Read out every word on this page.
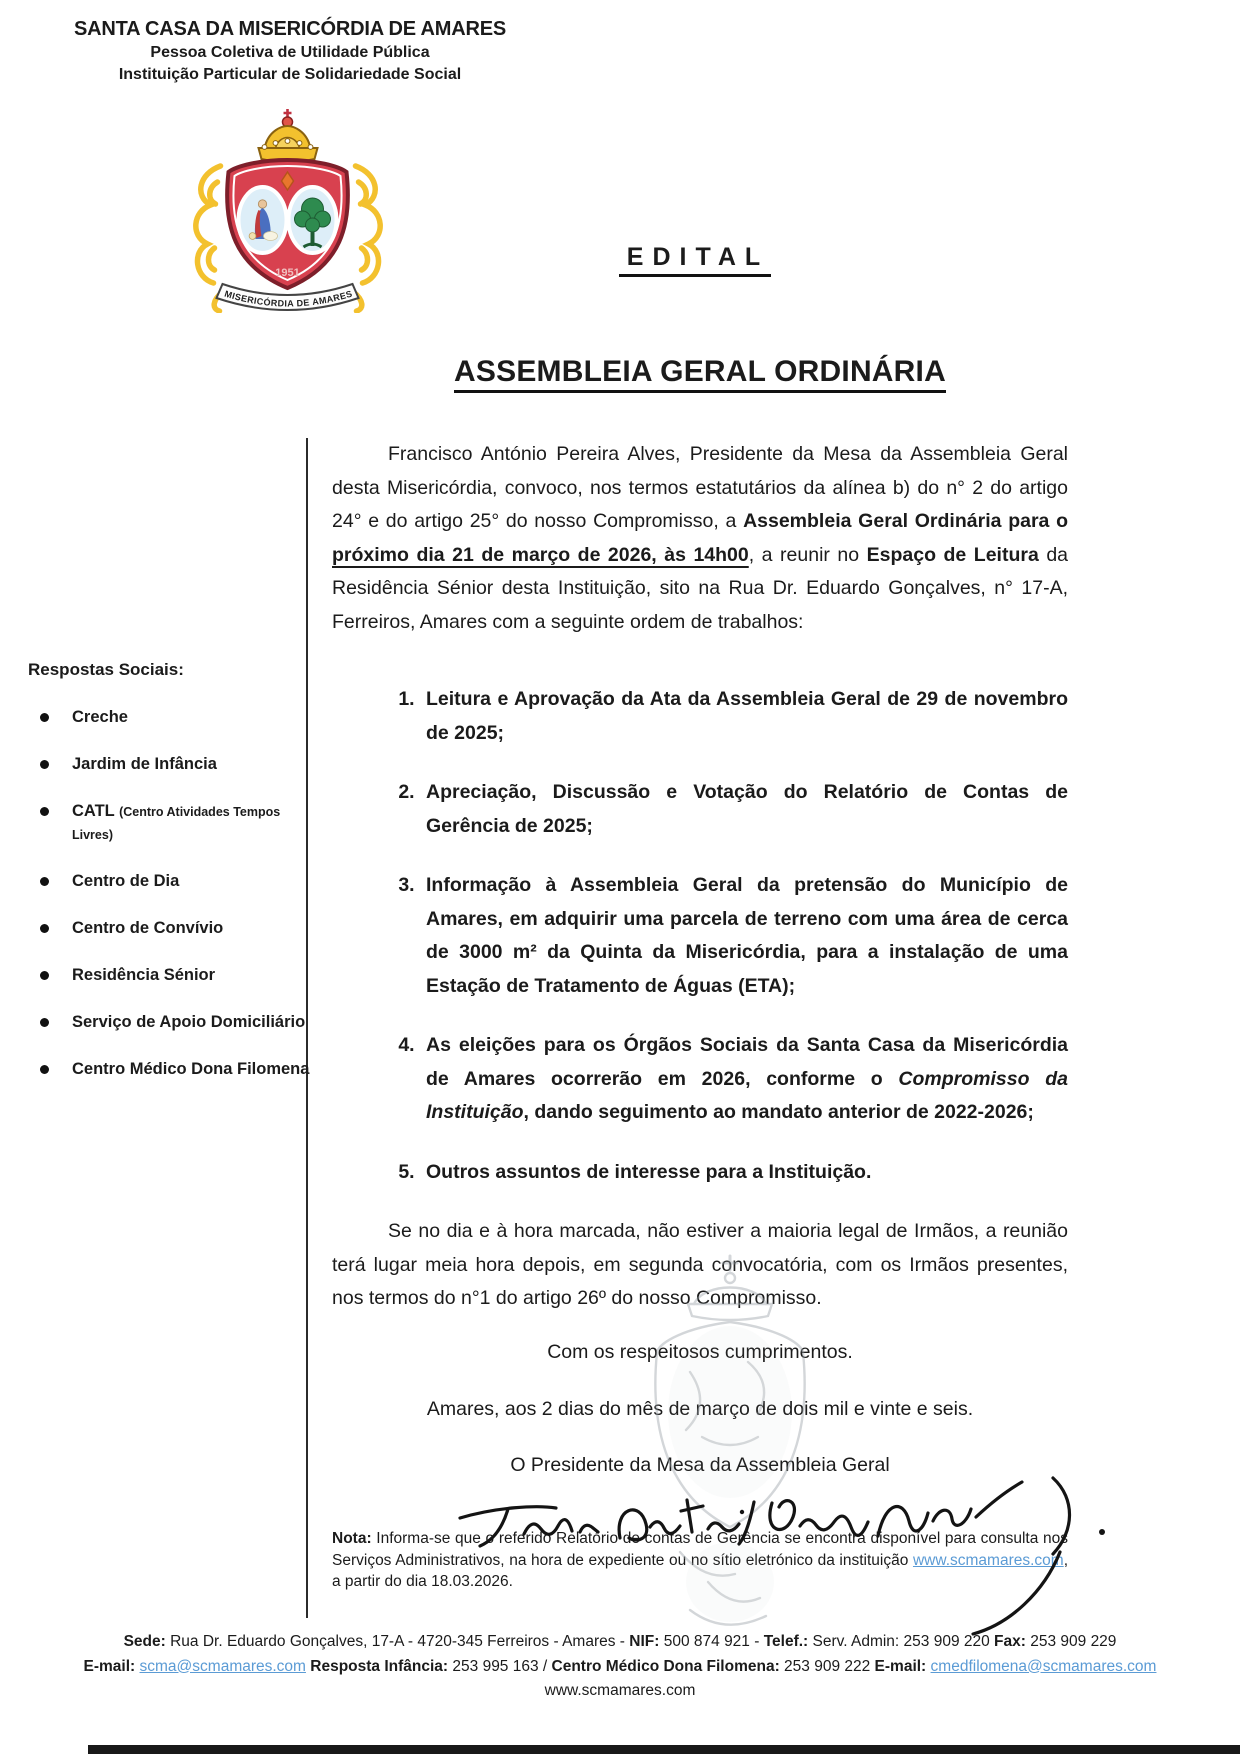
SANTA CASA DA MISERICÓRDIA DE AMARES

Pessoa Coletiva de Utilidade Pública

Instituição Particular de Solidariedade Social

1951
MISERICÓRDIA DE AMARES
EDITAL
ASSEMBLEIA GERAL ORDINÁRIA

Respostas Sociais:

Creche
Jardim de Infância
CATL (Centro Atividades Tempos Livres)
Centro de Dia
Centro de Convívio
Residência Sénior
Serviço de Apoio Domiciliário
Centro Médico Dona Filomena

Francisco António Pereira Alves, Presidente da Mesa da Assembleia Geral desta Misericórdia, convoco, nos termos estatutários da alínea b) do n° 2 do artigo 24° e do artigo 25° do nosso Compromisso, a Assembleia Geral Ordinária para o próximo dia 21 de março de 2026, às 14h00, a reunir no Espaço de Leitura da Residência Sénior desta Instituição, sito na Rua Dr. Eduardo Gonçalves, n° 17-A, Ferreiros, Amares com a seguinte ordem de trabalhos:

1. Leitura e Aprovação da Ata da Assembleia Geral de 29 de novembro de 2025;
2. Apreciação, Discussão e Votação do Relatório de Contas de Gerência de 2025;
3. Informação à Assembleia Geral da pretensão do Município de Amares, em adquirir uma parcela de terreno com uma área de cerca de 3000 m² da Quinta da Misericórdia, para a instalação de uma Estação de Tratamento de Águas (ETA);
4. As eleições para os Órgãos Sociais da Santa Casa da Misericórdia de Amares ocorrerão em 2026, conforme o Compromisso da Instituição, dando seguimento ao mandato anterior de 2022-2026;
5. Outros assuntos de interesse para a Instituição.

Se no dia e à hora marcada, não estiver a maioria legal de Irmãos, a reunião terá lugar meia hora depois, em segunda convocatória, com os Irmãos presentes, nos termos do n°1 do artigo 26º do nosso Compromisso.

Com os respeitosos cumprimentos.

Amares, aos 2 dias do mês de março de dois mil e vinte e seis.

O Presidente da Mesa da Assembleia Geral

Nota: Informa-se que o referido Relatório de contas de Gerência se encontra disponível para consulta nos Serviços Administrativos, na hora de expediente ou no sítio eletrónico da instituição www.scmamares.com, a partir do dia 18.03.2026.

Sede: Rua Dr. Eduardo Gonçalves, 17-A - 4720-345 Ferreiros - Amares - NIF: 500 874 921 - Telef.: Serv. Admin: 253 909 220 Fax: 253 909 229
E-mail: scma@scmamares.com Resposta Infância: 253 995 163 / Centro Médico Dona Filomena: 253 909 222 E-mail: cmedfilomena@scmamares.com
www.scmamares.com
